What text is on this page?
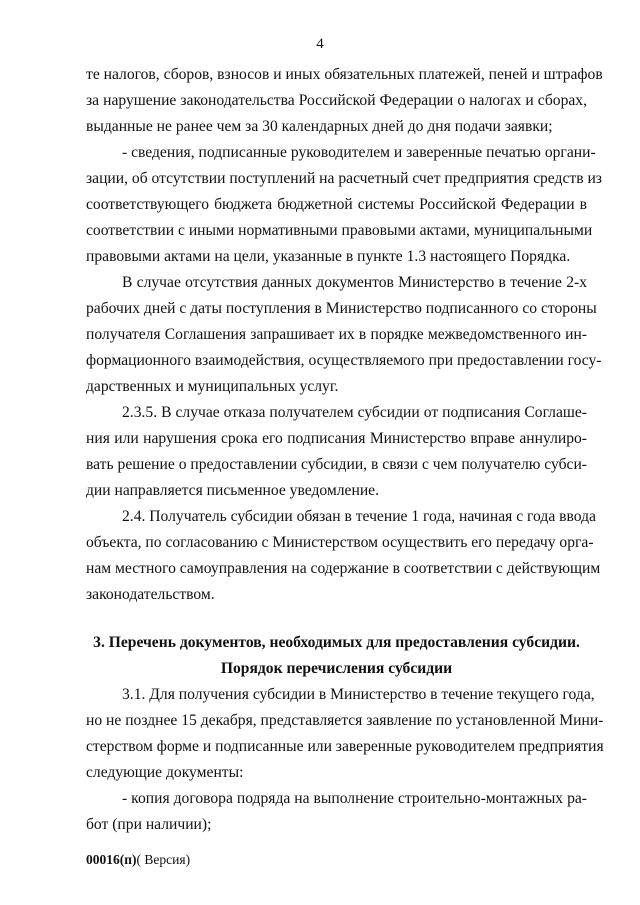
4
те налогов, сборов, взносов и иных обязательных платежей, пеней и штрафов
за нарушение законодательства Российской Федерации о налогах и сборах,
выданные не ранее чем за 30 календарных дней до дня подачи заявки;
- сведения, подписанные руководителем и заверенные печатью органи-
зации, об отсутствии поступлений на расчетный счет предприятия средств из
соответствующего бюджета бюджетной системы Российской Федерации в
соответствии с иными нормативными правовыми актами, муниципальными
правовыми актами на цели, указанные в пункте 1.3 настоящего Порядка.
В случае отсутствия данных документов Министерство в течение 2-х
рабочих дней с даты поступления в Министерство подписанного со стороны
получателя Соглашения запрашивает их в порядке межведомственного ин-
формационного взаимодействия, осуществляемого при предоставлении госу-
дарственных и муниципальных услуг.
2.3.5. В случае отказа получателем субсидии от подписания Соглаше-
ния или нарушения срока его подписания Министерство вправе аннулиро-
вать решение о предоставлении субсидии, в связи с чем получателю субси-
дии направляется письменное уведомление.
2.4. Получатель субсидии обязан в течение 1 года, начиная с года ввода
объекта, по согласованию с Министерством осуществить его передачу орга-
нам местного самоуправления на содержание в соответствии с действующим
законодательством.
3. Перечень документов, необходимых для предоставления субсидии.
Порядок перечисления субсидии
3.1. Для получения субсидии в Министерство в течение текущего года,
но не позднее 15 декабря, представляется заявление по установленной Мини-
стерством форме и подписанные или заверенные руководителем предприятия
следующие документы:
- копия договора подряда на выполнение строительно-монтажных ра-
бот (при наличии);
00016(п)( Версия)
